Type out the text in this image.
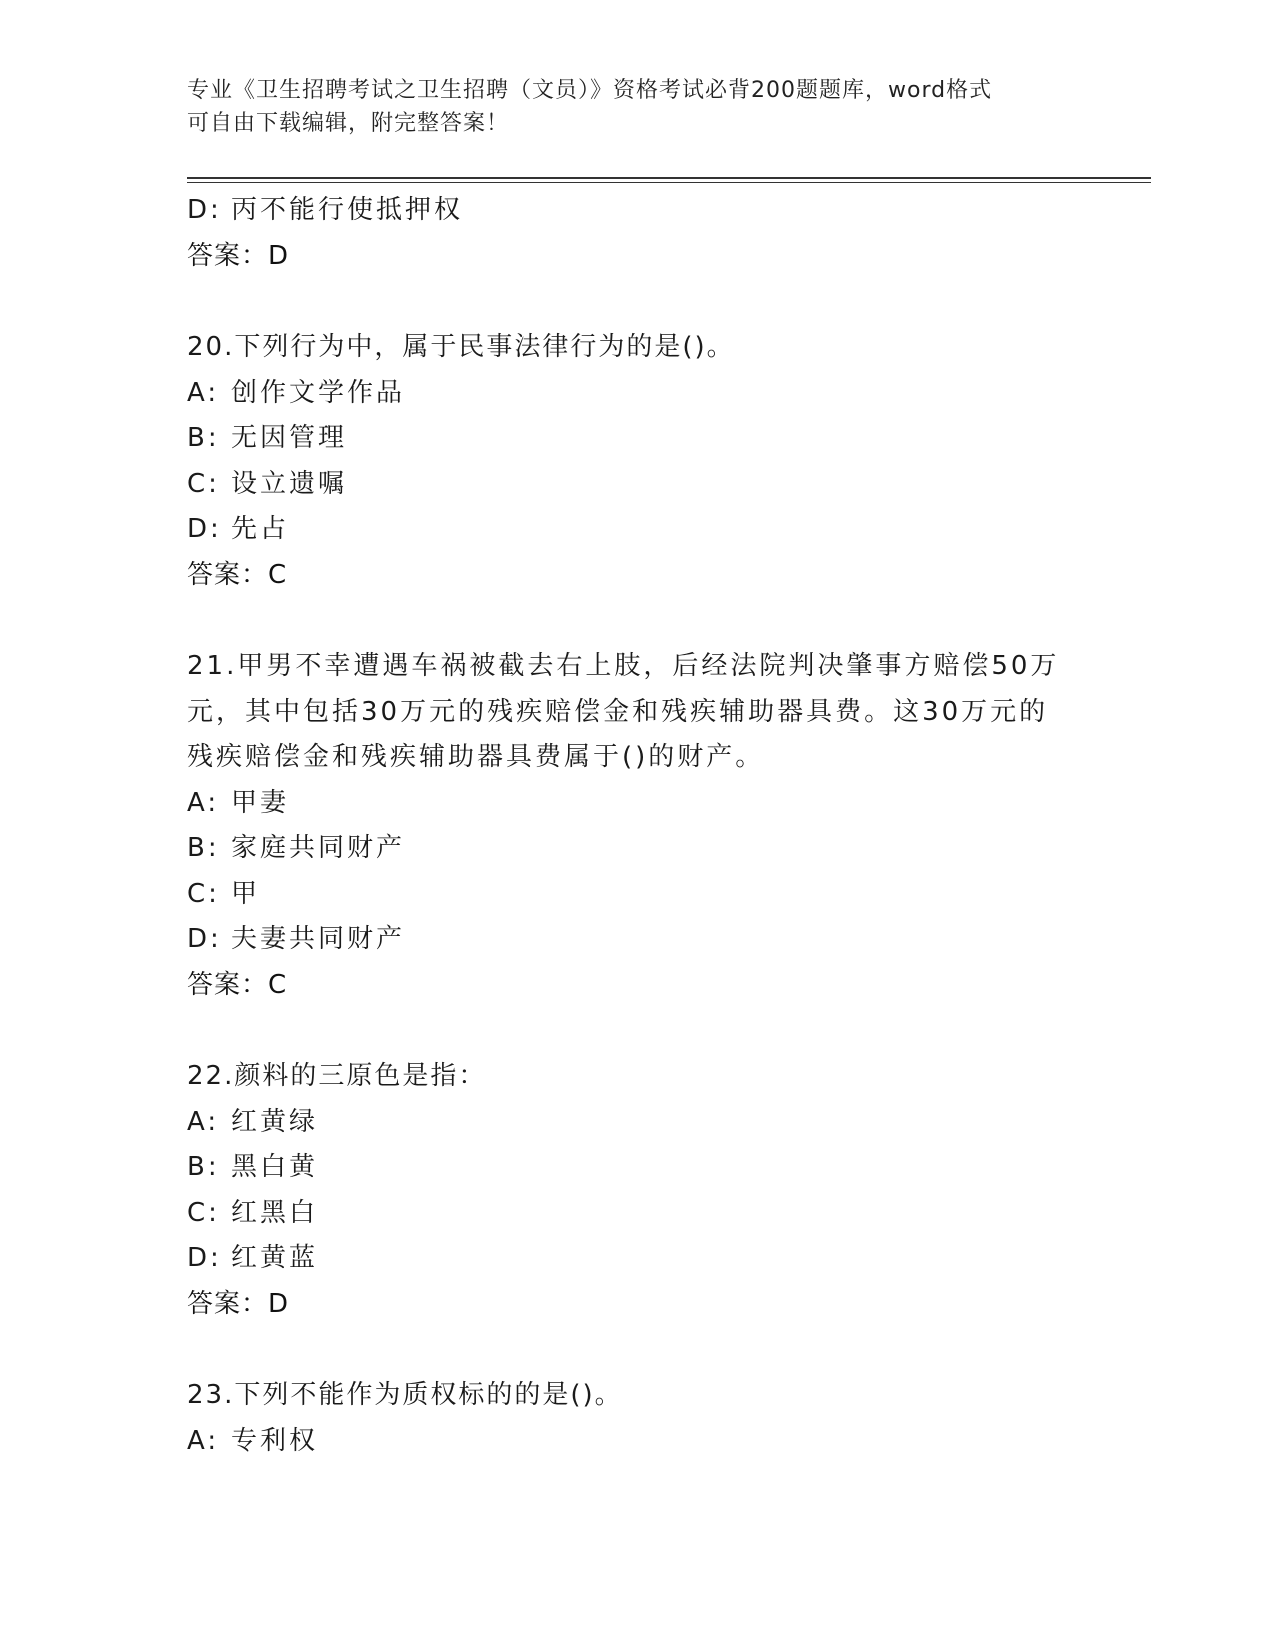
专业《卫生招聘考试之卫生招聘（文员）》资格考试必背200题题库，word格式
可自由下载编辑，附完整答案！
D: 丙不能行使抵押权
答案：D
20.下列行为中，属于民事法律行为的是()。
A: 创作文学作品
B: 无因管理
C: 设立遗嘱
D: 先占
答案：C
21.甲男不幸遭遇车祸被截去右上肢，后经法院判决肇事方赔偿50万
元，其中包括30万元的残疾赔偿金和残疾辅助器具费。这30万元的
残疾赔偿金和残疾辅助器具费属于()的财产。
A: 甲妻
B: 家庭共同财产
C: 甲
D: 夫妻共同财产
答案：C
22.颜料的三原色是指：
A: 红黄绿
B: 黑白黄
C: 红黑白
D: 红黄蓝
答案：D
23.下列不能作为质权标的的是()。
A: 专利权
